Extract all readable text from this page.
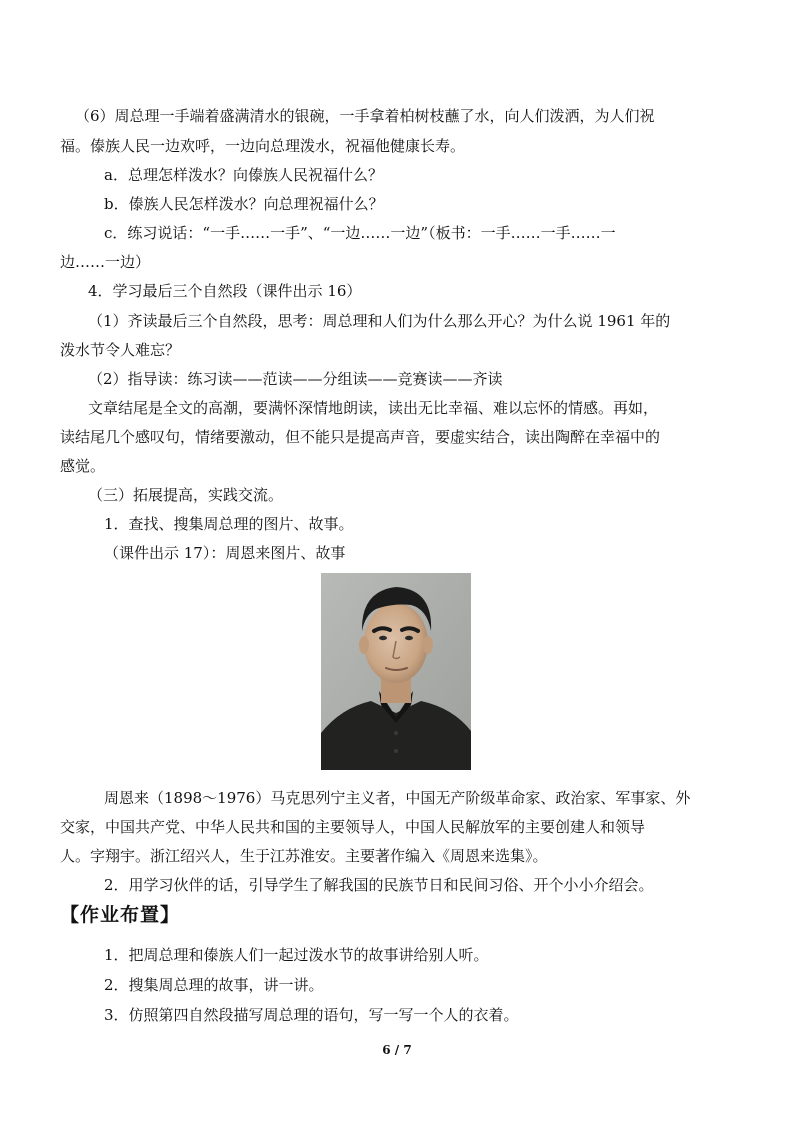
（6）周总理一手端着盛满清水的银碗，一手拿着柏树枝蘸了水，向人们泼洒，为人们祝
福。傣族人民一边欢呼，一边向总理泼水，祝福他健康长寿。
a．总理怎样泼水？向傣族人民祝福什么？
b．傣族人民怎样泼水？向总理祝福什么？
c．练习说话：“一手……一手”、“一边……一边”（板书：一手……一手……一
边……一边）
4．学习最后三个自然段（课件出示 16）
（1）齐读最后三个自然段，思考：周总理和人们为什么那么开心？为什么说 1961 年的
泼水节令人难忘？
（2）指导读：练习读——范读——分组读——竞赛读——齐读
文章结尾是全文的高潮，要满怀深情地朗读，读出无比幸福、难以忘怀的情感。再如，
读结尾几个感叹句，情绪要激动，但不能只是提高声音，要虚实结合，读出陶醉在幸福中的
感觉。
（三）拓展提高，实践交流。
1．查找、搜集周总理的图片、故事。
（课件出示 17）：周恩来图片、故事
周恩来（1898～1976）马克思列宁主义者，中国无产阶级革命家、政治家、军事家、外
交家，中国共产党、中华人民共和国的主要领导人，中国人民解放军的主要创建人和领导
人。字翔宇。浙江绍兴人，生于江苏淮安。主要著作编入《周恩来选集》。
2．用学习伙伴的话，引导学生了解我国的民族节日和民间习俗、开个小小介绍会。
【作业布置】
1．把周总理和傣族人们一起过泼水节的故事讲给别人听。
2．搜集周总理的故事，讲一讲。
3．仿照第四自然段描写周总理的语句，写一写一个人的衣着。
6 / 7
